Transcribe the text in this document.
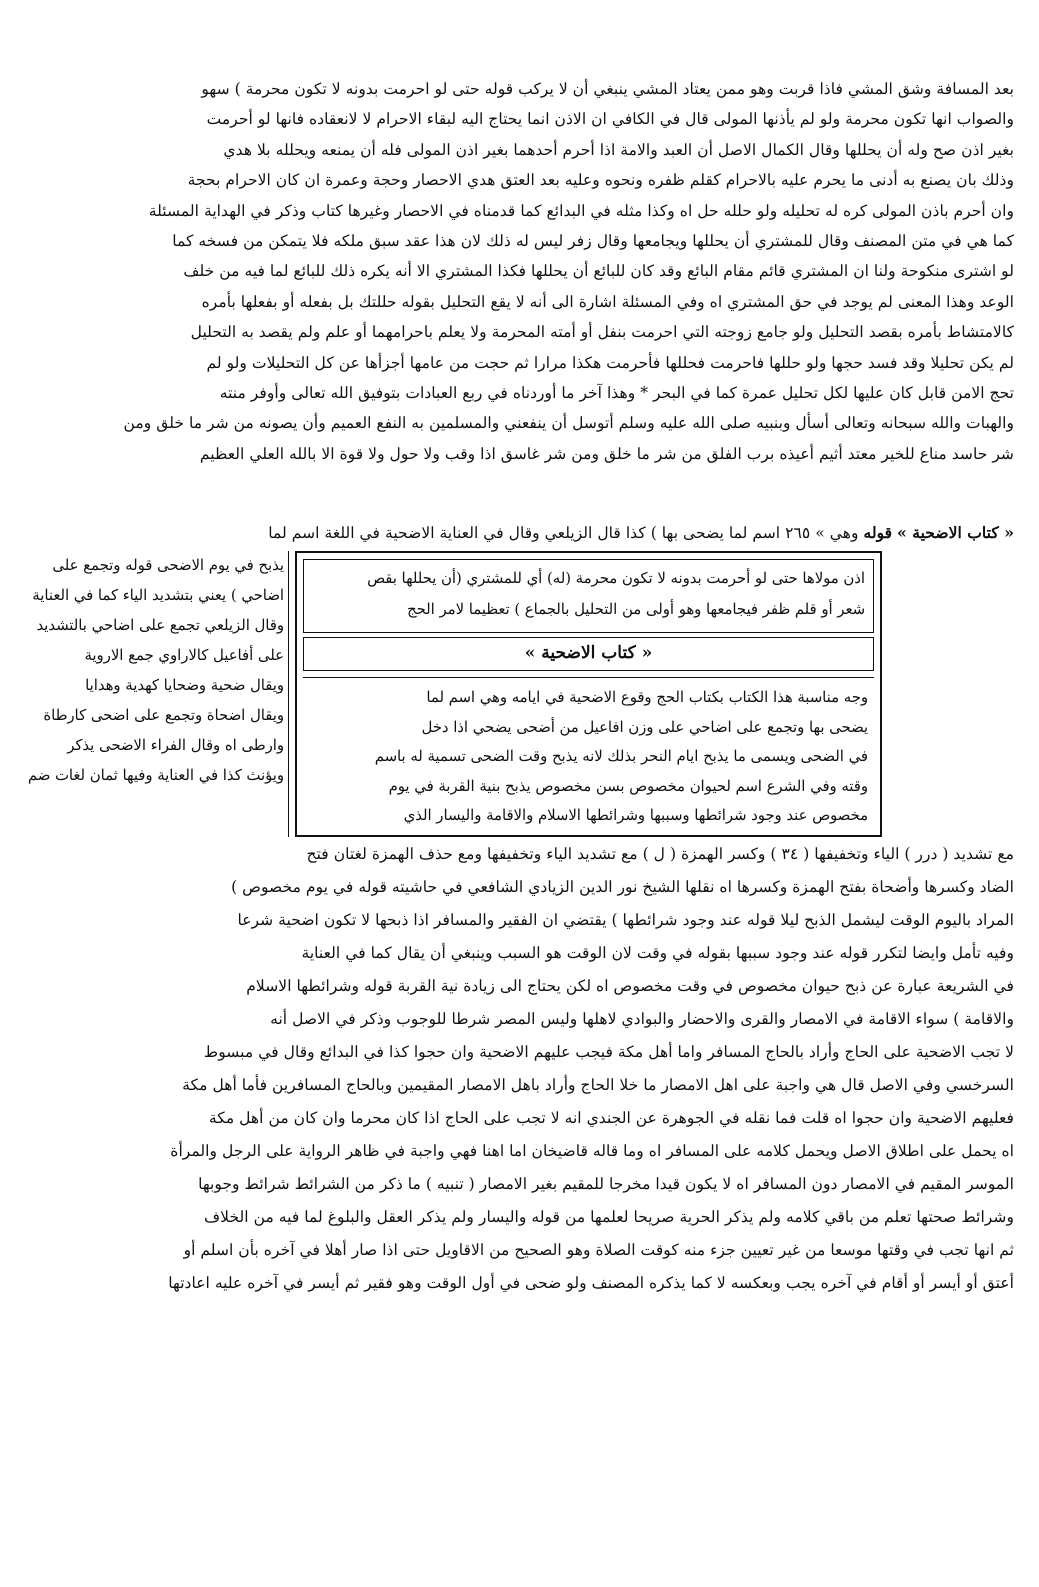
بعد المسافة وشق المشي فاذا قربت وهو ممن يعتاد المشي ينبغي أن لا يركب قوله حتى لو احرمت بدونه لا تكون محرمة ) سهو
والصواب انها تكون محرمة ولو لم يأذنها المولى قال في الكافي ان الاذن انما يحتاج اليه لبقاء الاحرام لا لانعقاده فانها لو أحرمت
بغير اذن صح وله أن يحللها وقال الكمال الاصل أن العبد والامة اذا أحرم أحدهما بغير اذن المولى فله أن يمنعه ويحلله بلا هدي
وذلك بان يصنع به أدنى ما يحرم عليه بالاحرام كقلم ظفره ونحوه وعليه بعد العتق هدي الاحصار وحجة وعمرة ان كان الاحرام بحجة
وان أحرم باذن المولى كره له تحليله ولو حلله حل اه وكذا مثله في البدائع كما قدمناه في الاحصار وغيرها كتاب وذكر في الهداية المسئلة
كما هي في متن المصنف وقال للمشتري أن يحللها ويجامعها وقال زفر ليس له ذلك لان هذا عقد سبق ملكه فلا يتمكن من فسخه كما
لو اشترى منكوحة ولنا ان المشتري قائم مقام البائع وقد كان للبائع أن يحللها فكذا المشتري الا أنه يكره ذلك للبائع لما فيه من خلف
الوعد وهذا المعنى لم يوجد في حق المشتري اه وفي المسئلة اشارة الى أنه لا يقع التحليل بقوله حللتك بل بفعله أو بفعلها بأمره
كالامتشاط بأمره بقصد التحليل ولو جامع زوجته التي احرمت بنفل أو أمته المحرمة ولا يعلم باحرامهما أو علم ولم يقصد به التحليل
لم يكن تحليلا وقد فسد حجها ولو حللها فاحرمت فحللها فأحرمت هكذا مرارا ثم حجت من عامها أجزأها عن كل التحليلات ولو لم
تحج الامن قابل كان عليها لكل تحليل عمرة كما في البحر * وهذا آخر ما أوردناه في ربع العبادات بتوفيق الله تعالى وأوفر منته
والهبات والله سبحانه وتعالى أسأل وبنبيه صلى الله عليه وسلم أتوسل أن ينفعني والمسلمين به النفع العميم وأن يصونه من شر ما خلق ومن
شر حاسد مناع للخير معتد أثيم أعيذه برب الفلق من شر ما خلق ومن شر غاسق اذا وقب ولا حول ولا قوة الا بالله العلي العظيم
« كتاب الاضحية » قوله وهي » ٢٦٥ اسم لما يضحى بها ) كذا قال الزيلعي وقال في العناية الاضحية في اللغة اسم لما
اذن مولاها حتى لو أحرمت بدونه لا تكون محرمة (له) أي للمشتري (أن يحللها بقص
شعر أو قلم ظفر فيجامعها وهو أولى من التحليل بالجماع ) تعظيما لامر الحج
« كتاب الاضحية »
وجه مناسبة هذا الكتاب بكتاب الحج وقوع الاضحية في ايامه وهي اسم لما
يضحى بها وتجمع على اضاحي على وزن افاعيل من أضحى يضحي اذا دخل
في الضحى ويسمى ما يذبح ايام النحر بذلك لانه يذبح وقت الضحى تسمية له باسم
وقته وفي الشرع اسم لحيوان مخصوص بسن مخصوص يذبح بنية القربة في يوم
مخصوص عند وجود شرائطها وسببها وشرائطها الاسلام والاقامة واليسار الذي
يذبح في يوم الاضحى قوله وتجمع على
اضاحي ) يعني بتشديد الياء كما في العناية
وقال الزيلعي تجمع على اضاحي بالتشديد
على أفاعيل كالاراوي جمع الاروية
ويقال ضحية وضحايا كهدية وهدايا
ويقال اضحاة وتجمع على اضحى كارطاة
وارطى اه وقال الفراء الاضحى يذكر
ويؤنث كذا في العناية وفيها ثمان لغات ضم
مع تشديد ( درر ) الياء وتخفيفها ( ٣٤ ) وكسر الهمزة ( ل ) مع تشديد الياء وتخفيفها ومع حذف الهمزة لغتان فتح
الضاد وكسرها وأضحاة بفتح الهمزة وكسرها اه نقلها الشيخ نور الدين الزيادي الشافعي في حاشيته قوله في يوم مخصوص )
المراد باليوم الوقت ليشمل الذبح ليلا قوله عند وجود شرائطها ) يقتضي ان الفقير والمسافر اذا ذبحها لا تكون اضحية شرعا
وفيه تأمل وايضا لتكرر قوله عند وجود سببها بقوله في وقت لان الوقت هو السبب وينبغي أن يقال كما في العناية
في الشريعة عبارة عن ذبح حيوان مخصوص في وقت مخصوص اه لكن يحتاج الى زيادة نية القربة قوله وشرائطها الاسلام
والاقامة ) سواء الاقامة في الامصار والقرى والاحضار والبوادي لاهلها وليس المصر شرطا للوجوب وذكر في الاصل أنه
لا تجب الاضحية على الحاج وأراد بالحاج المسافر واما أهل مكة فيجب عليهم الاضحية وان حجوا كذا في البدائع وقال في مبسوط
السرخسي وفي الاصل قال هي واجبة على اهل الامصار ما خلا الحاج وأراد باهل الامصار المقيمين وبالحاج المسافرين فأما أهل مكة
فعليهم الاضحية وان حجوا اه قلت فما نقله في الجوهرة عن الجندي انه لا تجب على الحاج اذا كان محرما وان كان من أهل مكة
اه يحمل على اطلاق الاصل ويحمل كلامه على المسافر اه وما قاله قاضيخان اما اهنا فهي واجبة في ظاهر الرواية على الرجل والمرأة
الموسر المقيم في الامصار دون المسافر اه لا يكون قيدا مخرجا للمقيم بغير الامصار ( تنبيه ) ما ذكر من الشرائط شرائط وجوبها
وشرائط صحتها تعلم من باقي كلامه ولم يذكر الحرية صريحا لعلمها من قوله واليسار ولم يذكر العقل والبلوغ لما فيه من الخلاف
ثم انها تجب في وقتها موسعا من غير تعيين جزء منه كوقت الصلاة وهو الصحيح من الاقاويل حتى اذا صار أهلا في آخره بأن اسلم أو
أعتق أو أيسر أو أقام في آخره يجب وبعكسه لا كما يذكره المصنف ولو ضحى في أول الوقت وهو فقير ثم أيسر في آخره عليه اعادتها
